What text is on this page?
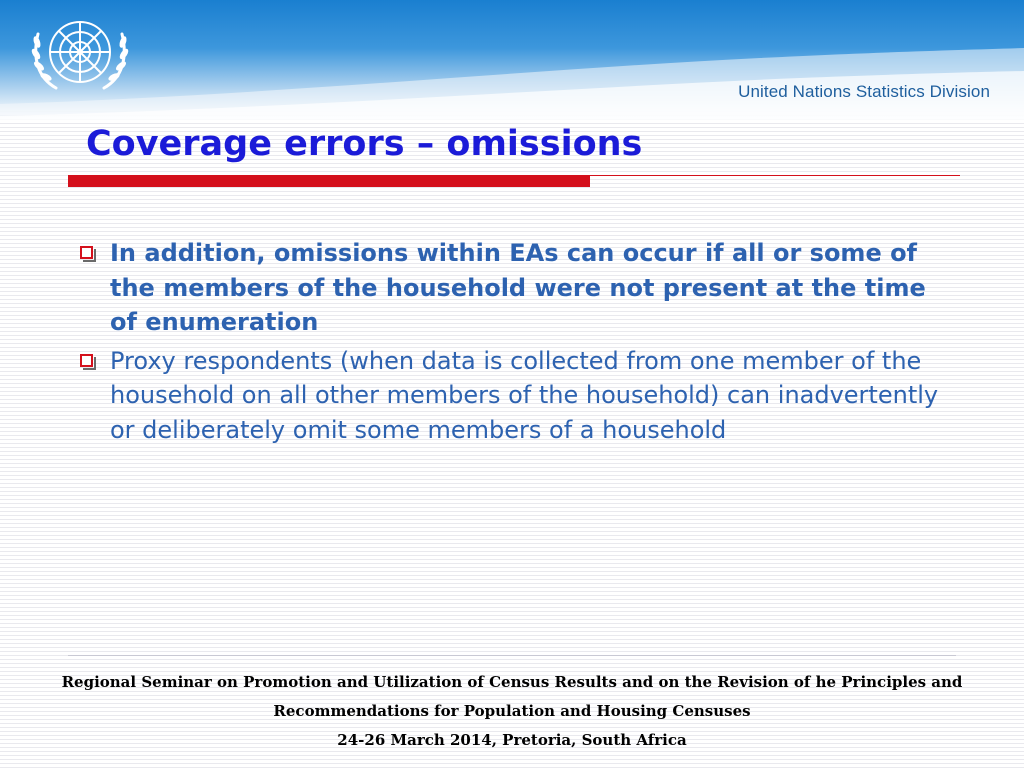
United Nations Statistics Division
Coverage errors – omissions
In addition, omissions within EAs can occur if all or some of the members of the household were not present at the time of enumeration
Proxy respondents (when data is collected from one member of the household on all other members of the household) can inadvertently or deliberately omit some members of a household
Regional Seminar on Promotion and Utilization of Census Results and on the Revision of he Principles and
Recommendations for Population and Housing Censuses
24-26 March 2014, Pretoria, South Africa
